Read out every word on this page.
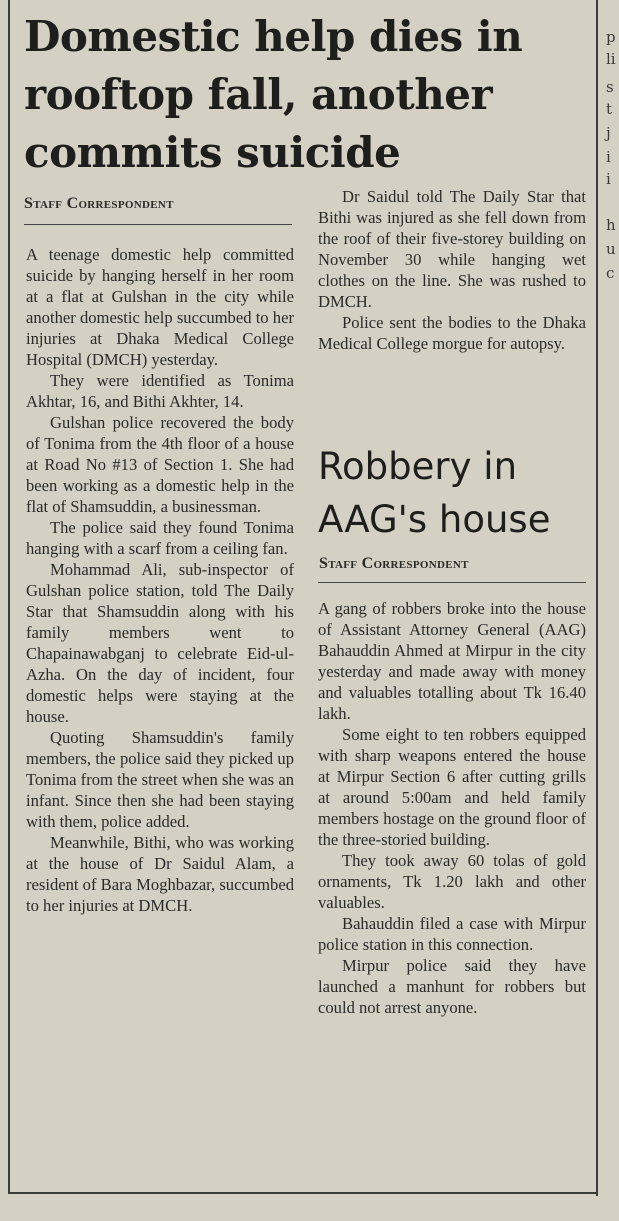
p
li
s
t
j
i
i
h
u
c
Domestic help dies in rooftop fall, another commits suicide
Staff Correspondent

A teenage domestic help committed suicide by hanging herself in her room at a flat at Gulshan in the city while another domestic help succumbed to her injuries at Dhaka Medical College Hospital (DMCH) yesterday.

They were identified as Tonima Akhtar, 16, and Bithi Akhter, 14.

Gulshan police recovered the body of Tonima from the 4th floor of a house at Road No #13 of Section 1. She had been working as a domestic help in the flat of Shamsuddin, a businessman.

The police said they found Tonima hanging with a scarf from a ceiling fan.

Mohammad Ali, sub-inspector of Gulshan police station, told The Daily Star that Shamsuddin along with his family members went to Chapainawabganj to celebrate Eid-ul-Azha. On the day of incident, four domestic helps were staying at the house.

Quoting Shamsuddin's family members, the police said they picked up Tonima from the street when she was an infant. Since then she had been staying with them, police added.

Meanwhile, Bithi, who was working at the house of Dr Saidul Alam, a resident of Bara Moghbazar, succumbed to her injuries at DMCH.

Dr Saidul told The Daily Star that Bithi was injured as she fell down from the roof of their five-storey building on November 30 while hanging wet clothes on the line. She was rushed to DMCH.

Police sent the bodies to the Dhaka Medical College morgue for autopsy.

Robbery in AAG's house
Staff Correspondent

A gang of robbers broke into the house of Assistant Attorney General (AAG) Bahauddin Ahmed at Mirpur in the city yesterday and made away with money and valuables totalling about Tk 16.40 lakh.

Some eight to ten robbers equipped with sharp weapons entered the house at Mirpur Section 6 after cutting grills at around 5:00am and held family members hostage on the ground floor of the three-storied building.

They took away 60 tolas of gold ornaments, Tk 1.20 lakh and other valuables.

Bahauddin filed a case with Mirpur police station in this connection.

Mirpur police said they have launched a manhunt for robbers but could not arrest anyone.
